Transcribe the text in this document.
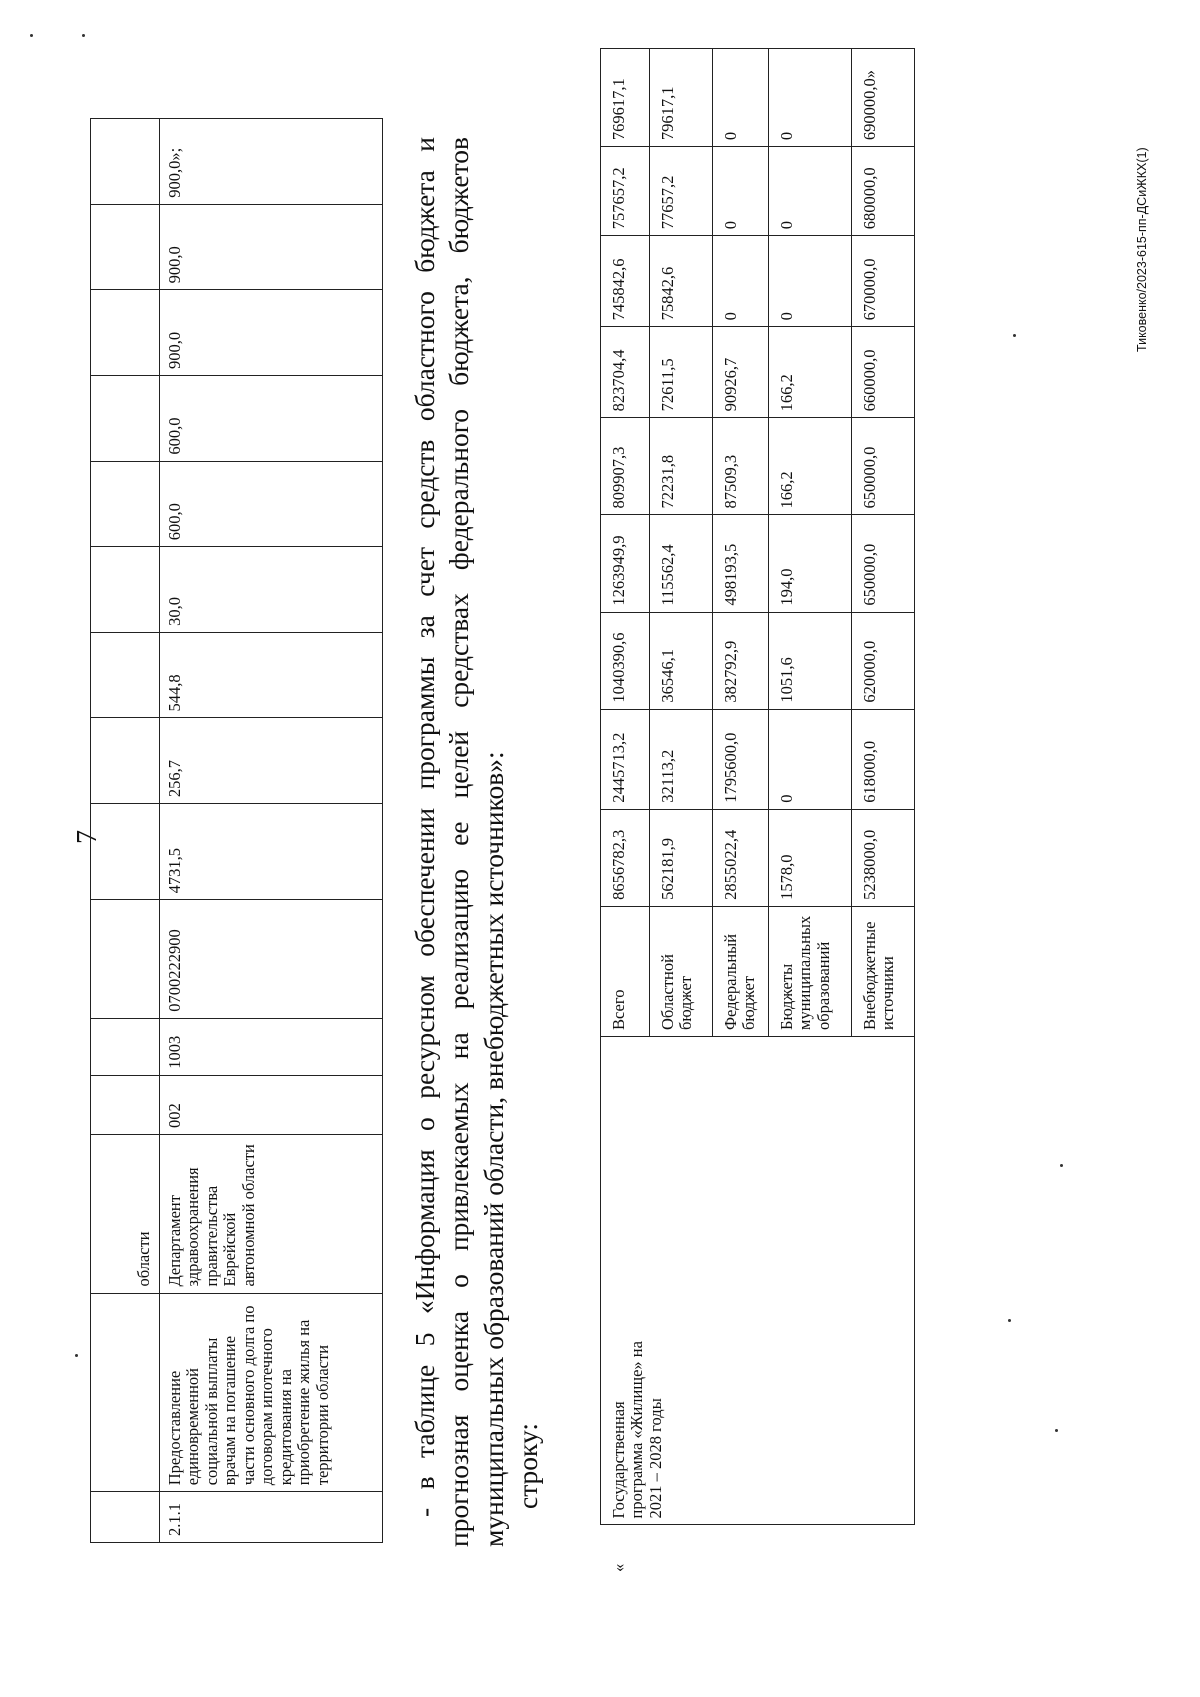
7
		области												
2.1.1	Предоставление единовременной социальной выплаты врачам на погашение части основного долга по договорам ипотечного кредитования на приобретение жилья на территории области	Департамент здравоохранения правительства Еврейской автономной области	002	1003	0700222900	4731,5	256,7	544,8	30,0	600,0	600,0	900,0	900,0	900,0»;	- в таблице 5 «Информация о ресурсном обеспечении программы за счет средств областного бюджета и прогнозная оценка о привлекаемых на реализацию ее целей средствах федерального бюджета, бюджетов муниципальных образований области, внебюджетных источников»: строку:
«	Государственная программа «Жилище» на 2021 – 2028 годы	Всего	8656782,3	2445713,2	1040390,6	1263949,9	809907,3	823704,4	745842,6	757657,2	769617,1
		Областной бюджет	562181,9	32113,2	36546,1	115562,4	72231,8	72611,5	75842,6	77657,2	79617,1
		Федеральный бюджет	2855022,4	1795600,0	382792,9	498193,5	87509,3	90926,7	0	0	0
		Бюджеты муниципальных образований	1578,0	0	1051,6	194,0	166,2	166,2	0	0	0
		Внебюджетные источники	5238000,0	618000,0	620000,0	650000,0	650000,0	660000,0	670000,0	680000,0	690000,0»
Тиковенко/2023-615-пп-ДСиЖКХ(1)
